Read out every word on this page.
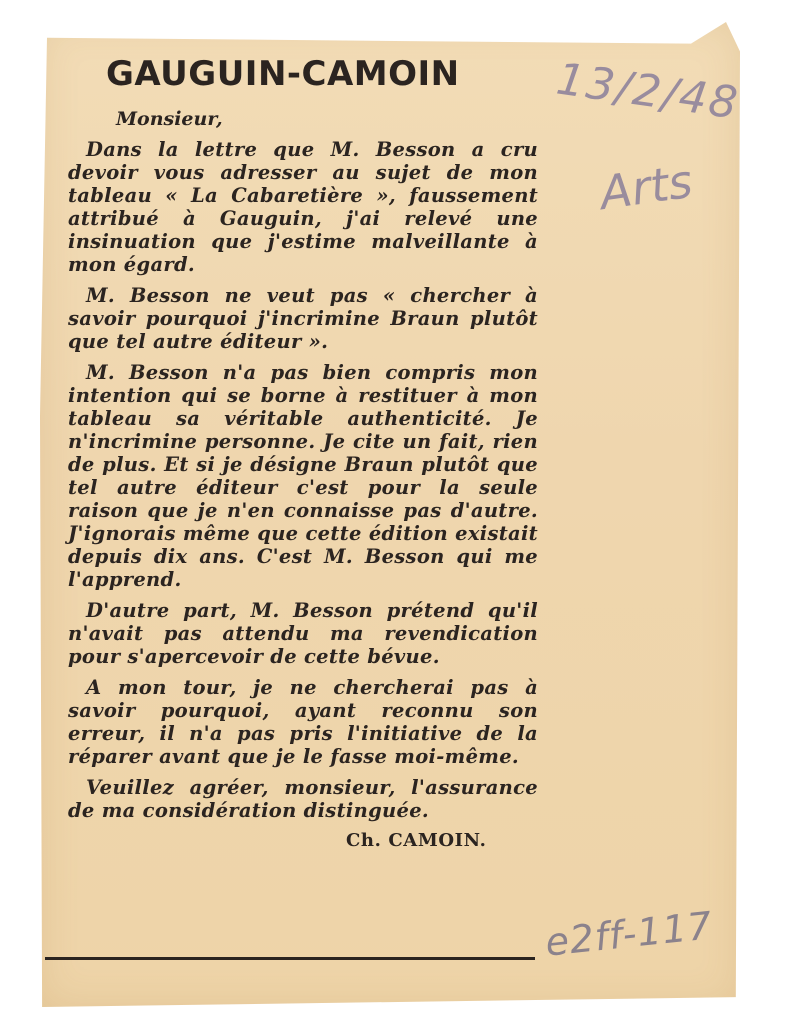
GAUGUIN-CAMOIN
Monsieur,

Dans la lettre que M. Besson a cru devoir vous adresser au sujet de mon tableau « La Cabaretière », faussement attribué à Gauguin, j'ai relevé une insinuation que j'estime malveillante à mon égard.

M. Besson ne veut pas « chercher à savoir pourquoi j'incrimine Braun plutôt que tel autre éditeur ».

M. Besson n'a pas bien compris mon intention qui se borne à restituer à mon tableau sa véritable authenticité. Je n'incrimine personne. Je cite un fait, rien de plus. Et si je désigne Braun plutôt que tel autre éditeur c'est pour la seule raison que je n'en connaisse pas d'autre. J'ignorais même que cette édition existait depuis dix ans. C'est M. Besson qui me l'apprend.

D'autre part, M. Besson prétend qu'il n'avait pas attendu ma revendication pour s'apercevoir de cette bévue.

A mon tour, je ne chercherai pas à savoir pourquoi, ayant reconnu son erreur, il n'a pas pris l'initiative de la réparer avant que je le fasse moi-même.

Veuillez agréer, monsieur, l'assurance de ma considération distinguée.

Ch. CAMOIN.
13/2/48
Arts
e2ff-117
